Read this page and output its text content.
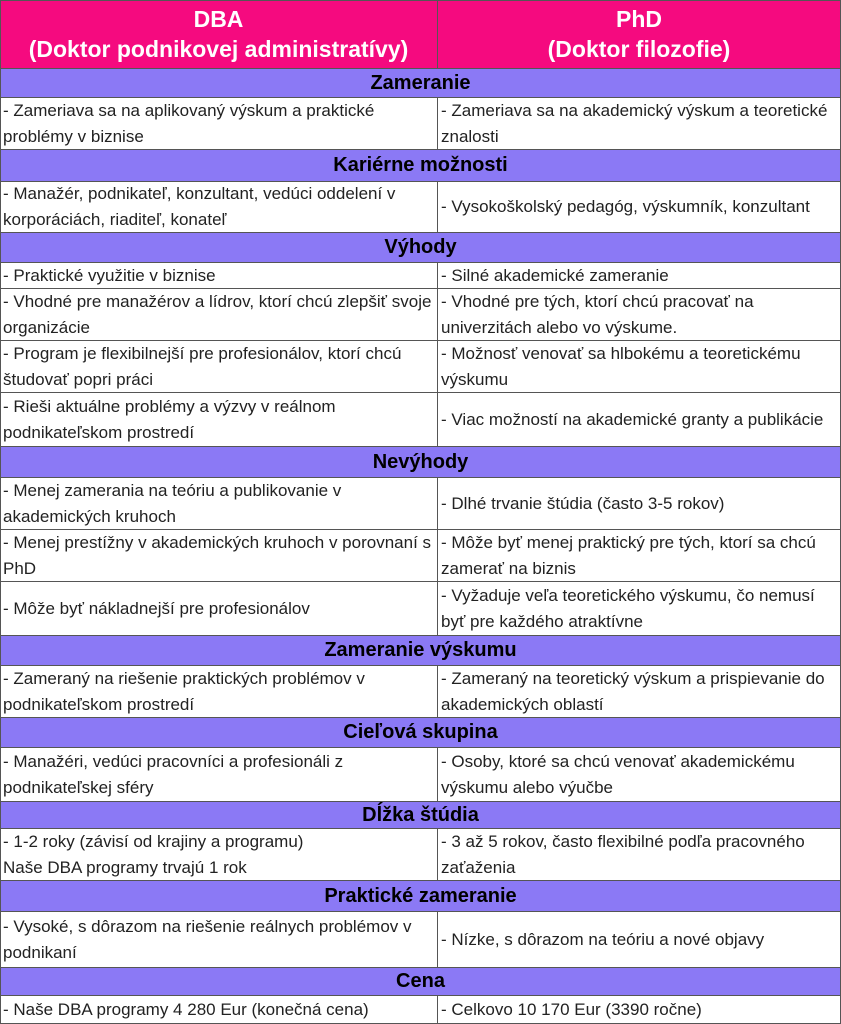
DBA
(Doktor podnikovej administratívy)
PhD
(Doktor filozofie)
Zameranie
- Zameriava sa na aplikovaný výskum a praktické problémy v biznise
- Zameriava sa na akademický výskum a teoretické znalosti
Kariérne možnosti
- Manažér, podnikateľ, konzultant, vedúci oddelení v korporáciách, riaditeľ, konateľ
- Vysokoškolský pedagóg, výskumník, konzultant
Výhody
- Praktické využitie v biznise	- Silné akademické zameranie
- Vhodné pre manažérov a lídrov, ktorí chcú zlepšiť svoje organizácie
- Vhodné pre tých, ktorí chcú pracovať na univerzitách alebo vo výskume.
- Program je flexibilnejší pre profesionálov, ktorí chcú študovať popri práci
- Možnosť venovať sa hlbokému a teoretickému výskumu
- Rieši aktuálne problémy a výzvy v reálnom podnikateľskom prostredí
- Viac možností na akademické granty a publikácie
Nevýhody
- Menej zamerania na teóriu a publikovanie v akademických kruhoch
- Dlhé trvanie štúdia (často 3-5 rokov)
- Menej prestížny v akademických kruhoch v porovnaní s PhD
- Môže byť menej praktický pre tých, ktorí sa chcú zamerať na biznis
- Môže byť nákladnejší pre profesionálov
- Vyžaduje veľa teoretického výskumu, čo nemusí byť pre každého atraktívne
Zameranie výskumu
- Zameraný na riešenie praktických problémov v podnikateľskom prostredí
- Zameraný na teoretický výskum a prispievanie do akademických oblastí
Cieľová skupina
- Manažéri, vedúci pracovníci a profesionáli z podnikateľskej sféry
- Osoby, ktoré sa chcú venovať akademickému výskumu alebo výučbe
Dĺžka štúdia
- 1-2 roky (závisí od krajiny a programu)
Naše DBA programy trvajú 1 rok
- 3 až 5 rokov, často flexibilné podľa pracovného zaťaženia
Praktické zameranie
- Vysoké, s dôrazom na riešenie reálnych problémov v podnikaní
- Nízke, s dôrazom na teóriu a nové objavy
Cena
- Naše DBA programy 4 280 Eur (konečná cena)	- Celkovo 10 170 Eur (3390 ročne)
